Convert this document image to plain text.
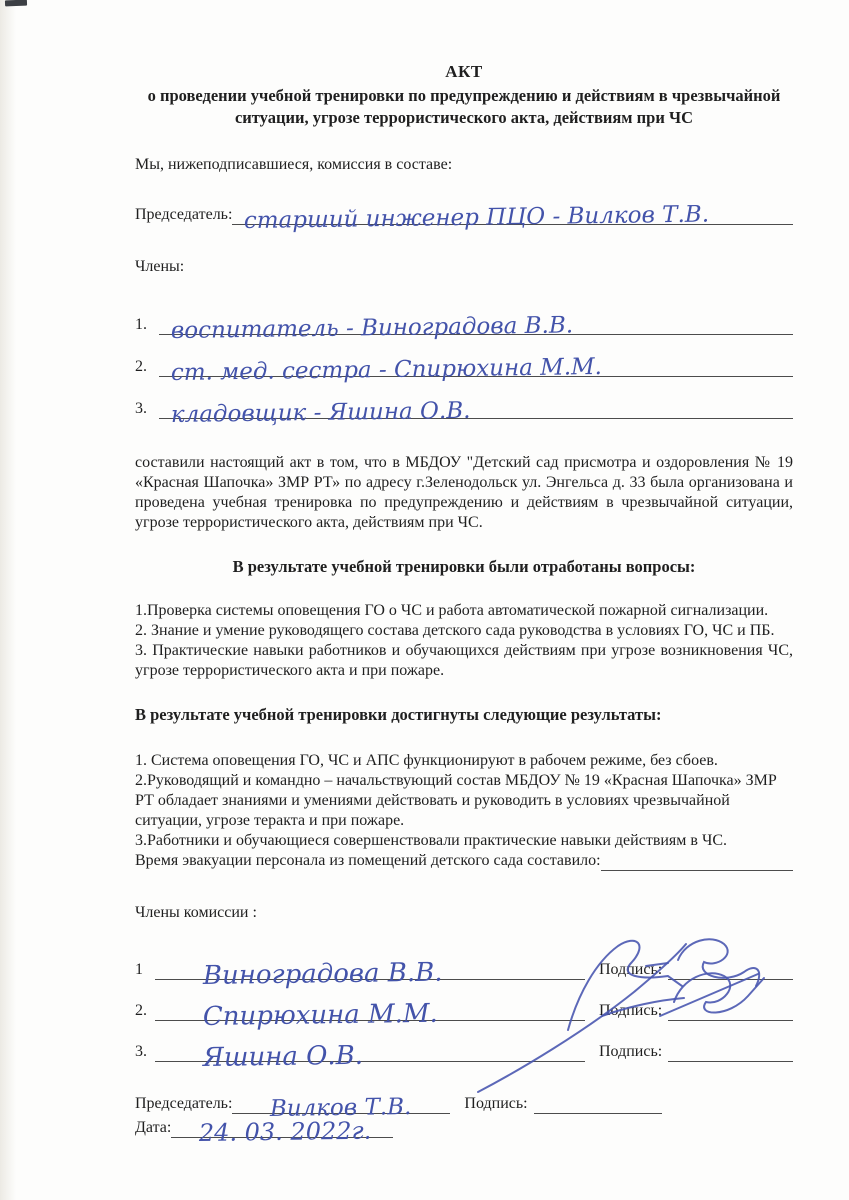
АКТ

о проведении учебной тренировки по предупреждению и действиям в чрезвычайной

ситуации, угрозе террористического акта, действиям при ЧС

Мы, нижеподписавшиеся, комиссия в составе:

Председатель: старший инженер ПЦО - Вилков Т.В.

Члены:

1.	воспитатель - Виноградова В.В.
2.	ст. мед. сестра - Спирюхина М.М.
3.	кладовщик - Яшина О.В.

составили настоящий акт в том, что в МБДОУ "Детский сад присмотра и оздоровления № 19 «Красная Шапочка» ЗМР РТ» по адресу г.Зеленодольск ул. Энгельса д. 33 была организована и проведена учебная тренировка по предупреждению и действиям в чрезвычайной ситуации, угрозе террористического акта, действиям при ЧС.

В результате учебной тренировки были отработаны вопросы:

1.Проверка системы оповещения ГО о ЧС и работа автоматической пожарной сигнализации.
2. Знание и умение руководящего состава детского сада руководства в условиях ГО, ЧС и ПБ.
3. Практические навыки работников и обучающихся действиям при угрозе возникновения ЧС, угрозе террористического акта и при пожаре.

В результате учебной тренировки достигнуты следующие результаты:

1. Система оповещения ГО, ЧС и АПС функционируют в рабочем режиме, без сбоев.
2.Руководящий и командно – начальствующий состав МБДОУ № 19 «Красная Шапочка» ЗМР РТ обладает знаниями и умениями действовать и руководить в условиях чрезвычайной ситуации, угрозе теракта и при пожаре.
3.Работники и обучающиеся совершенствовали практические навыки действиям в ЧС.
Время эвакуации персонала из помещений детского сада составило:

Члены комиссии :

1	Виноградова В.В.	Подпись:
2.	Спирюхина М.М.	Подпись:
3.	Яшина О.В.	Подпись:
Председатель: Вилков Т.В.	Подпись:
Дата: 24. 03. 2022г.
